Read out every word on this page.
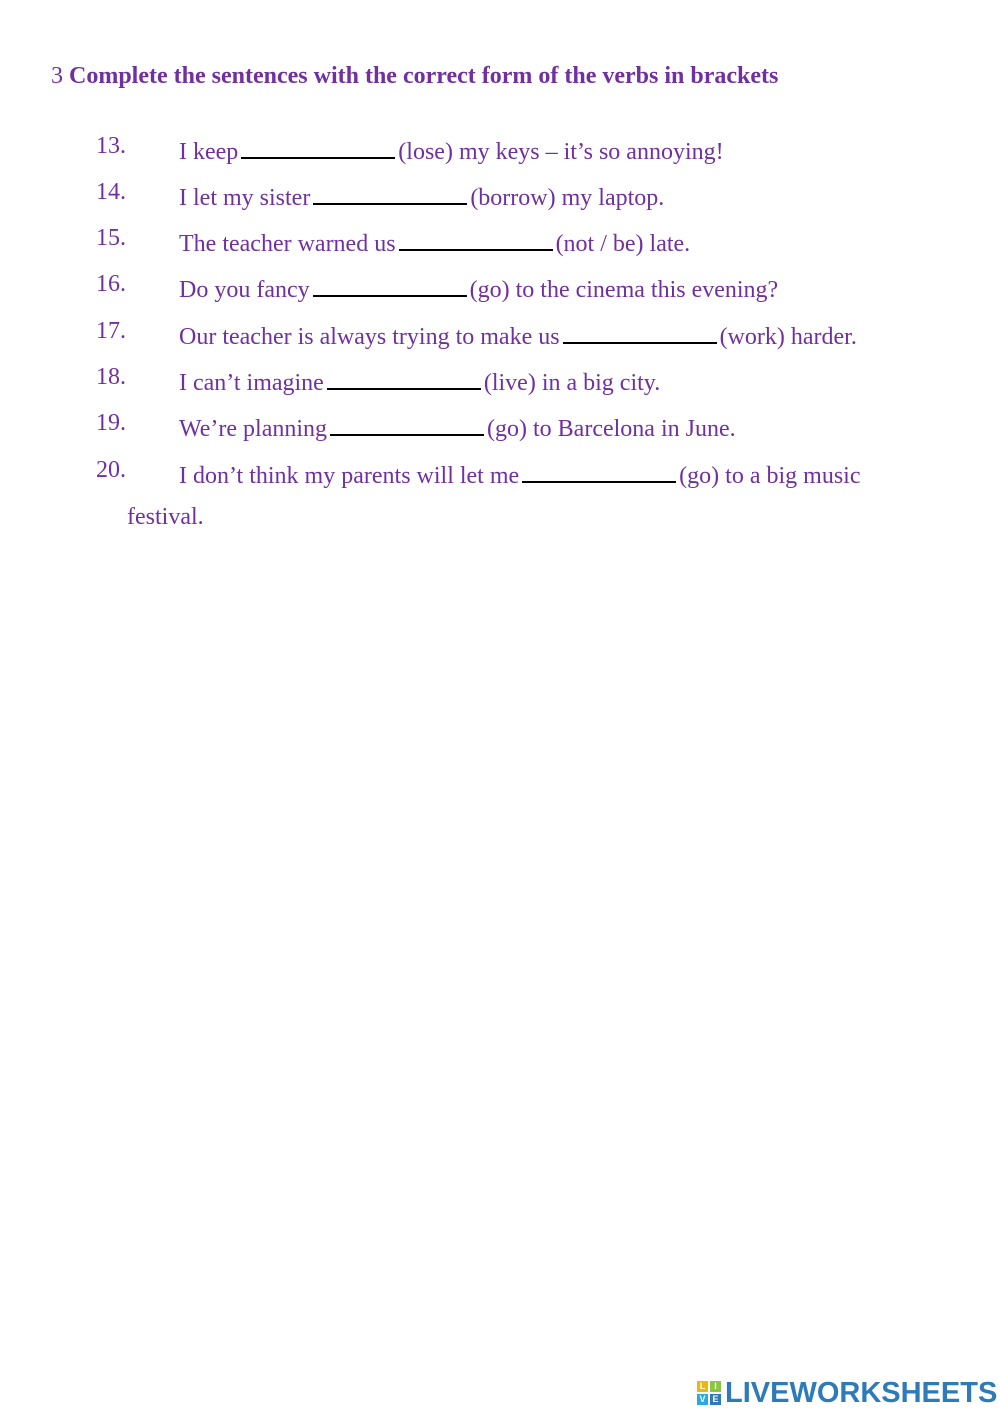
3 Complete the sentences with the correct form of the verbs in brackets
13. I keep	(lose) my keys – it’s so annoying!
14. I let my sister	(borrow) my laptop.
15. The teacher warned us	(not / be) late.
16. Do you fancy	(go) to the cinema this evening?
17. Our teacher is always trying to make us	(work) harder.
18. I can’t imagine	(live) in a big city.
19. We’re planning	(go) to Barcelona in June.
20. I don’t think my parents will let me	(go) to a big music
festival.
L I
V E LIVEWORKSHEETS
